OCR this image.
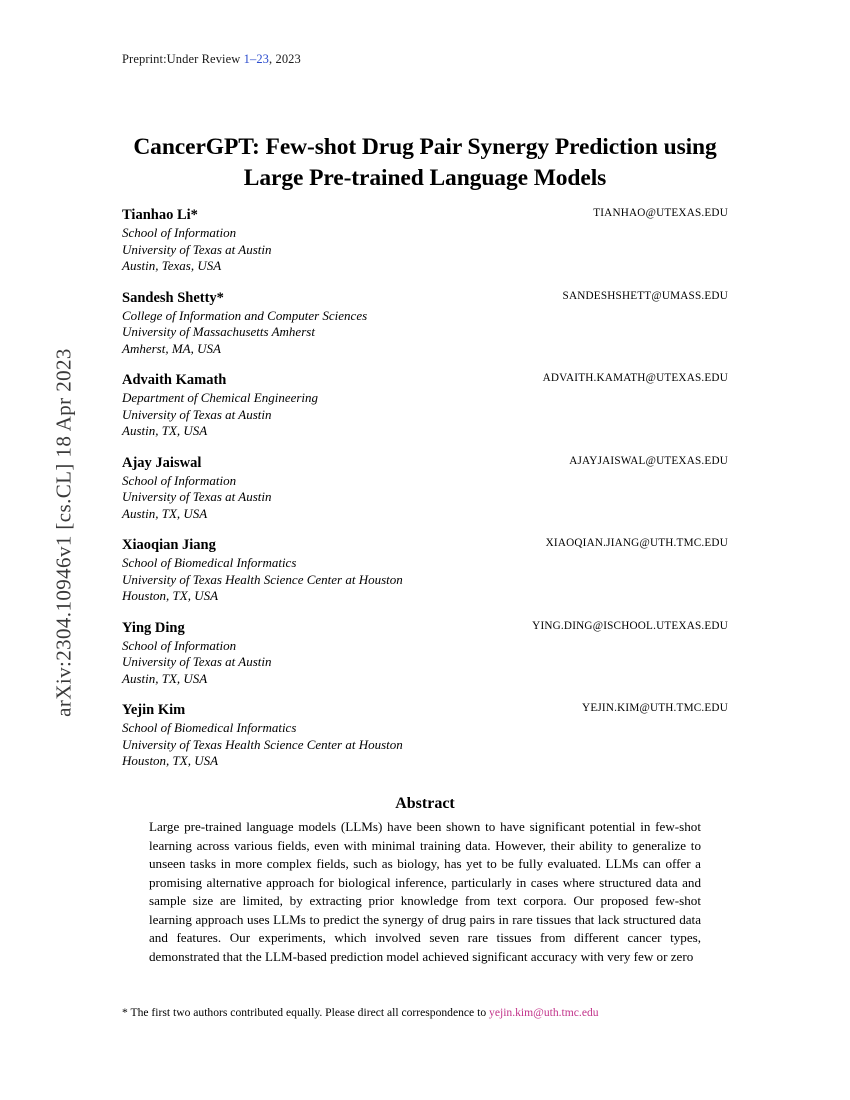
arXiv:2304.10946v1 [cs.CL] 18 Apr 2023
Preprint:Under Review 1–23, 2023
CancerGPT: Few-shot Drug Pair Synergy Prediction using Large Pre-trained Language Models
TIANHAO@UTEXAS.EDU
Tianhao Li*
School of Information
University of Texas at Austin
Austin, Texas, USA
SANDESHSHETT@UMASS.EDU
Sandesh Shetty*
College of Information and Computer Sciences
University of Massachusetts Amherst
Amherst, MA, USA
ADVAITH.KAMATH@UTEXAS.EDU
Advaith Kamath
Department of Chemical Engineering
University of Texas at Austin
Austin, TX, USA
AJAYJAISWAL@UTEXAS.EDU
Ajay Jaiswal
School of Information
University of Texas at Austin
Austin, TX, USA
XIAOQIAN.JIANG@UTH.TMC.EDU
Xiaoqian Jiang
School of Biomedical Informatics
University of Texas Health Science Center at Houston
Houston, TX, USA
YING.DING@ISCHOOL.UTEXAS.EDU
Ying Ding
School of Information
University of Texas at Austin
Austin, TX, USA
YEJIN.KIM@UTH.TMC.EDU
Yejin Kim
School of Biomedical Informatics
University of Texas Health Science Center at Houston
Houston, TX, USA
Abstract
Large pre-trained language models (LLMs) have been shown to have significant potential in few-shot learning across various fields, even with minimal training data. However, their ability to generalize to unseen tasks in more complex fields, such as biology, has yet to be fully evaluated. LLMs can offer a promising alternative approach for biological inference, particularly in cases where structured data and sample size are limited, by extracting prior knowledge from text corpora. Our proposed few-shot learning approach uses LLMs to predict the synergy of drug pairs in rare tissues that lack structured data and features. Our experiments, which involved seven rare tissues from different cancer types, demonstrated that the LLM-based prediction model achieved significant accuracy with very few or zero
* The first two authors contributed equally. Please direct all correspondence to yejin.kim@uth.tmc.edu
